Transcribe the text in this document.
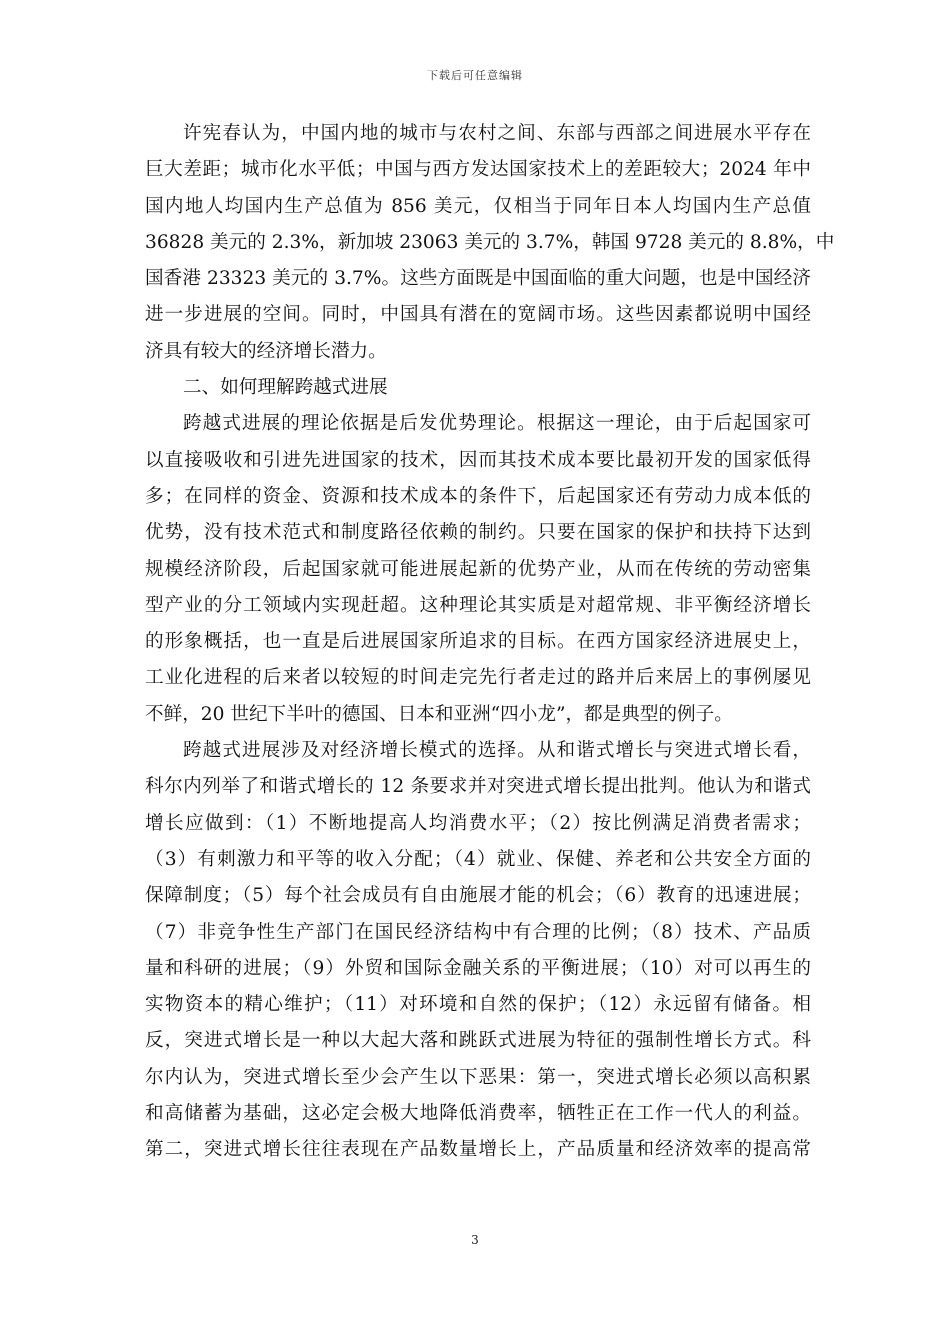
下载后可任意编辑
许宪春认为，中国内地的城市与农村之间、东部与西部之间进展水平存在
巨大差距；城市化水平低；中国与西方发达国家技术上的差距较大；2024 年中
国内地人均国内生产总值为 856 美元，仅相当于同年日本人均国内生产总值
36828 美元的 2.3%，新加坡 23063 美元的 3.7%，韩国 9728 美元的 8.8%，中
国香港 23323 美元的 3.7%。这些方面既是中国面临的重大问题，也是中国经济
进一步进展的空间。同时，中国具有潜在的宽阔市场。这些因素都说明中国经
济具有较大的经济增长潜力。
二、如何理解跨越式进展
跨越式进展的理论依据是后发优势理论。根据这一理论，由于后起国家可
以直接吸收和引进先进国家的技术，因而其技术成本要比最初开发的国家低得
多；在同样的资金、资源和技术成本的条件下，后起国家还有劳动力成本低的
优势，没有技术范式和制度路径依赖的制约。只要在国家的保护和扶持下达到
规模经济阶段，后起国家就可能进展起新的优势产业，从而在传统的劳动密集
型产业的分工领域内实现赶超。这种理论其实质是对超常规、非平衡经济增长
的形象概括，也一直是后进展国家所追求的目标。在西方国家经济进展史上，
工业化进程的后来者以较短的时间走完先行者走过的路并后来居上的事例屡见
不鲜，20 世纪下半叶的德国、日本和亚洲“四小龙”，都是典型的例子。
跨越式进展涉及对经济增长模式的选择。从和谐式增长与突进式增长看，
科尔内列举了和谐式增长的 12 条要求并对突进式增长提出批判。他认为和谐式
增长应做到：（1）不断地提高人均消费水平；（2）按比例满足消费者需求；
（3）有刺激力和平等的收入分配；（4）就业、保健、养老和公共安全方面的
保障制度；（5）每个社会成员有自由施展才能的机会；（6）教育的迅速进展；
（7）非竞争性生产部门在国民经济结构中有合理的比例；（8）技术、产品质
量和科研的进展；（9）外贸和国际金融关系的平衡进展；（10）对可以再生的
实物资本的精心维护；（11）对环境和自然的保护；（12）永远留有储备。相
反，突进式增长是一种以大起大落和跳跃式进展为特征的强制性增长方式。科
尔内认为，突进式增长至少会产生以下恶果：第一，突进式增长必须以高积累
和高储蓄为基础，这必定会极大地降低消费率，牺牲正在工作一代人的利益。
第二，突进式增长往往表现在产品数量增长上，产品质量和经济效率的提高常
3
